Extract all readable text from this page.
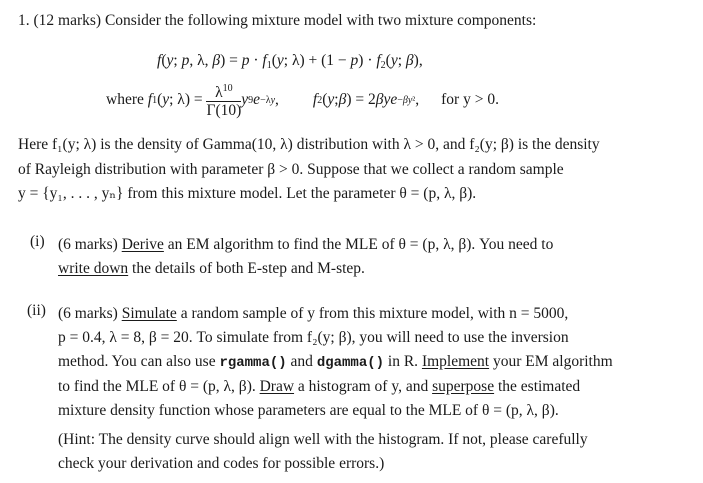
1. (12 marks) Consider the following mixture model with two mixture components:
f(y; p, λ, $\beta) = p \cdot f_1(y$; $\lambda) + (1 - p) \cdot f_2(y$; β),
where
f 1 ( y ; $\lambda) = \frac{\lambda^{10}}{\Gamma(10)}$ y 9 e −λy , f 2 ( y ; β ) = 2 βye −βy² , for y > 0.
Here f₁(y; λ) is the density of Gamma(10, λ) distribution with λ > 0, and f₂(y; β) is the density
of Rayleigh distribution with parameter β > 0. Suppose that we collect a random sample
y = {y₁, . . . , yₙ} from this mixture model. Let the parameter θ = (p, λ, β).
(i) (6 marks) Derive an EM algorithm to find the MLE of θ = (p, λ, β). You need to
write down the details of both E-step and M-step.
(ii) (6 marks) Simulate a random sample of y from this mixture model, with n = 5000,
p = 0.4, λ = 8, β = 20. To simulate from f₂(y; β), you will need to use the inversion
method. You can also use rgamma() and dgamma() in R. Implement your EM algorithm
to find the MLE of θ = (p, λ, β). Draw a histogram of y, and superpose the estimated
mixture density function whose parameters are equal to the MLE of θ = (p, λ, β).
(Hint: The density curve should align well with the histogram. If not, please carefully
check your derivation and codes for possible errors.)
